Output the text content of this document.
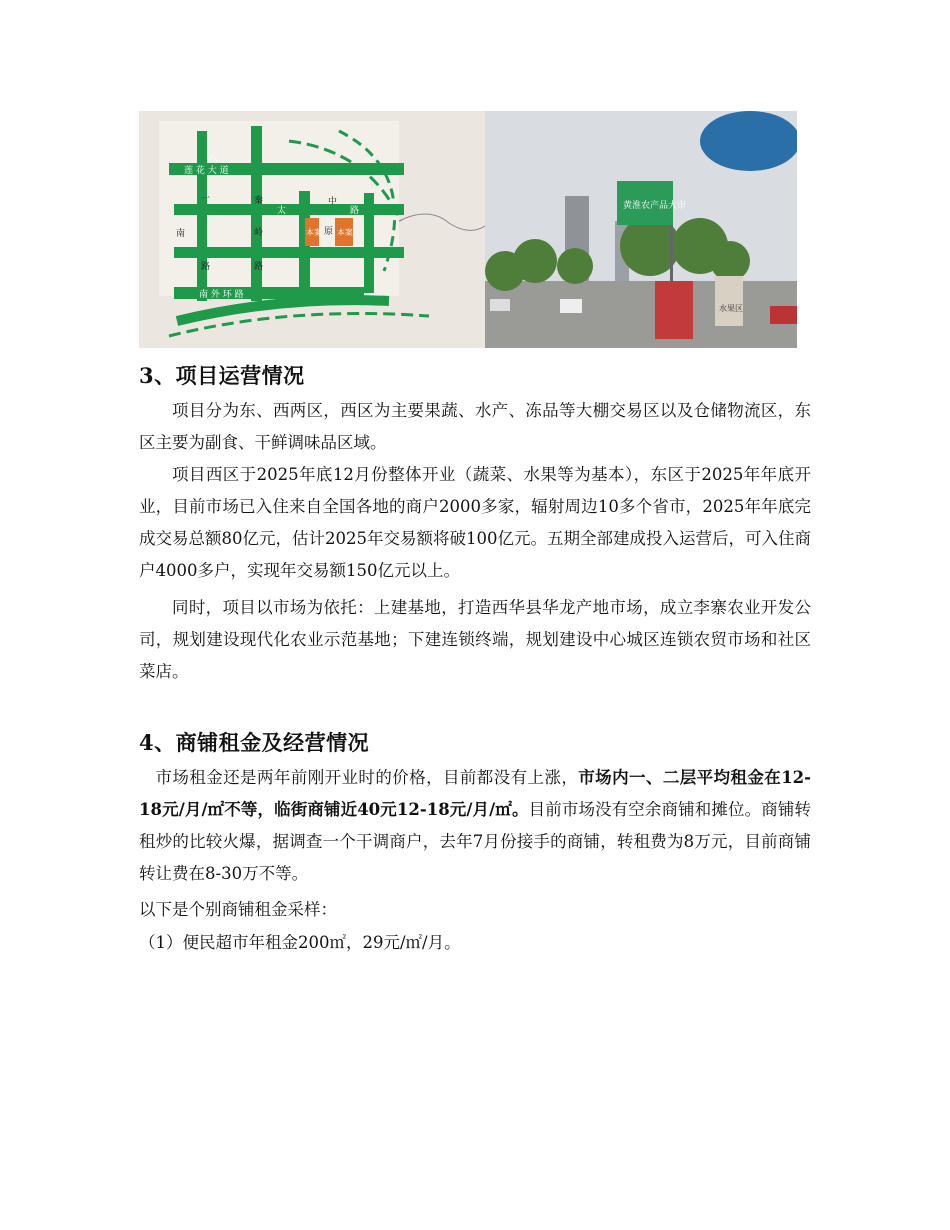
八
莲 花 大 道
一
南
路
秦
岭
路
太
原
中
路
本案 本案
南 外 环 路
黄淮农产品大市
水果区
3、项目运营情况

项目分为东、西两区，西区为主要果蔬、水产、冻品等大棚交易区以及仓储物流区，东区主要为副食、干鲜调味品区域。

项目西区于2025年底12月份整体开业（蔬菜、水果等为基本），东区于2025年年底开业，目前市场已入住来自全国各地的商户2000多家，辐射周边10多个省市，2025年年底完成交易总额80亿元，估计2025年交易额将破100亿元。五期全部建成投入运营后，可入住商户4000多户，实现年交易额150亿元以上。

同时，项目以市场为依托：上建基地，打造西华县华龙产地市场，成立李寨农业开发公司，规划建设现代化农业示范基地；下建连锁终端，规划建设中心城区连锁农贸市场和社区菜店。

4、商铺租金及经营情况

市场租金还是两年前刚开业时的价格，目前都没有上涨，市场内一、二层平均租金在12-18元/月/㎡不等，临街商铺近40元12-18元/月/㎡。目前市场没有空余商铺和摊位。商铺转租炒的比较火爆，据调查一个干调商户，去年7月份接手的商铺，转租费为8万元，目前商铺转让费在8-30万不等。

以下是个别商铺租金采样：

（1）便民超市年租金200㎡，29元/㎡/月。
